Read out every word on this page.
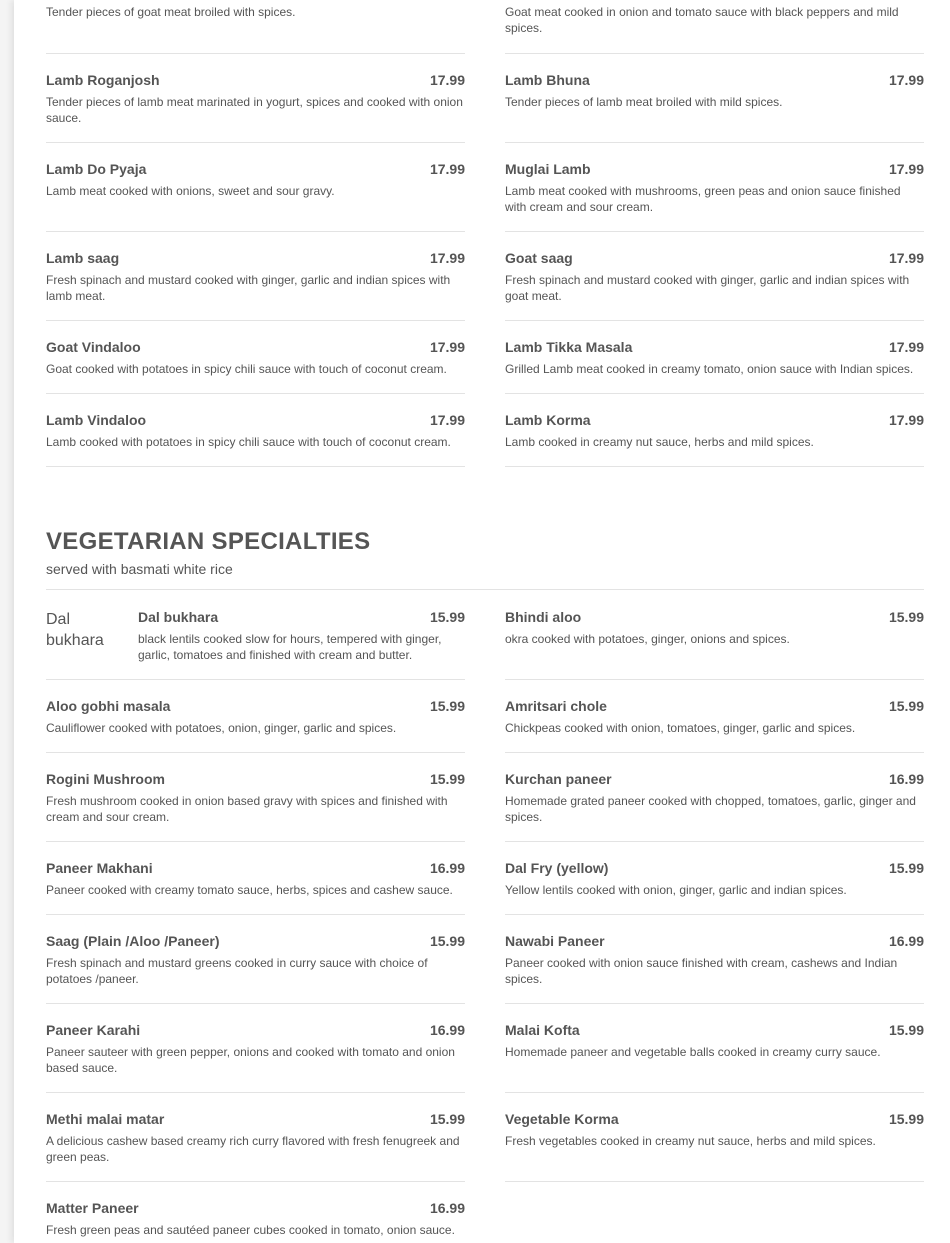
Tender pieces of goat meat broiled with spices.
Lamb Roganjosh	17.99
Tender pieces of lamb meat marinated in yogurt, spices and cooked with onion sauce.
Lamb Do Pyaja	17.99
Lamb meat cooked with onions, sweet and sour gravy.
Lamb saag	17.99
Fresh spinach and mustard cooked with ginger, garlic and indian spices with lamb meat.
Goat Vindaloo	17.99
Goat cooked with potatoes in spicy chili sauce with touch of coconut cream.
Lamb Vindaloo	17.99
Lamb cooked with potatoes in spicy chili sauce with touch of coconut cream.
Goat meat cooked in onion and tomato sauce with black peppers and mild spices.
Lamb Bhuna	17.99
Tender pieces of lamb meat broiled with mild spices.
Muglai Lamb	17.99
Lamb meat cooked with mushrooms, green peas and onion sauce finished with cream and sour cream.
Goat saag	17.99
Fresh spinach and mustard cooked with ginger, garlic and indian spices with goat meat.
Lamb Tikka Masala	17.99
Grilled Lamb meat cooked in creamy tomato, onion sauce with Indian spices.
Lamb Korma	17.99
Lamb cooked in creamy nut sauce, herbs and mild spices.
VEGETARIAN SPECIALTIES
served with basmati white rice
Dal bukhara
Dal bukhara	15.99
black lentils cooked slow for hours, tempered with ginger, garlic, tomatoes and finished with cream and butter.
Aloo gobhi masala	15.99
Cauliflower cooked with potatoes, onion, ginger, garlic and spices.
Rogini Mushroom	15.99
Fresh mushroom cooked in onion based gravy with spices and finished with cream and sour cream.
Paneer Makhani	16.99
Paneer cooked with creamy tomato sauce, herbs, spices and cashew sauce.
Saag (Plain /Aloo /Paneer)	15.99
Fresh spinach and mustard greens cooked in curry sauce with choice of potatoes /paneer.
Paneer Karahi	16.99
Paneer sauteer with green pepper, onions and cooked with tomato and onion based sauce.
Methi malai matar	15.99
A delicious cashew based creamy rich curry flavored with fresh fenugreek and green peas.
Matter Paneer	16.99
Fresh green peas and sautéed paneer cubes cooked in tomato, onion sauce.
Bhindi aloo	15.99
okra cooked with potatoes, ginger, onions and spices.
Amritsari chole	15.99
Chickpeas cooked with onion, tomatoes, ginger, garlic and spices.
Kurchan paneer	16.99
Homemade grated paneer cooked with chopped, tomatoes, garlic, ginger and spices.
Dal Fry (yellow)	15.99
Yellow lentils cooked with onion, ginger, garlic and indian spices.
Nawabi Paneer	16.99
Paneer cooked with onion sauce finished with cream, cashews and Indian spices.
Malai Kofta	15.99
Homemade paneer and vegetable balls cooked in creamy curry sauce.
Vegetable Korma	15.99
Fresh vegetables cooked in creamy nut sauce, herbs and mild spices.
